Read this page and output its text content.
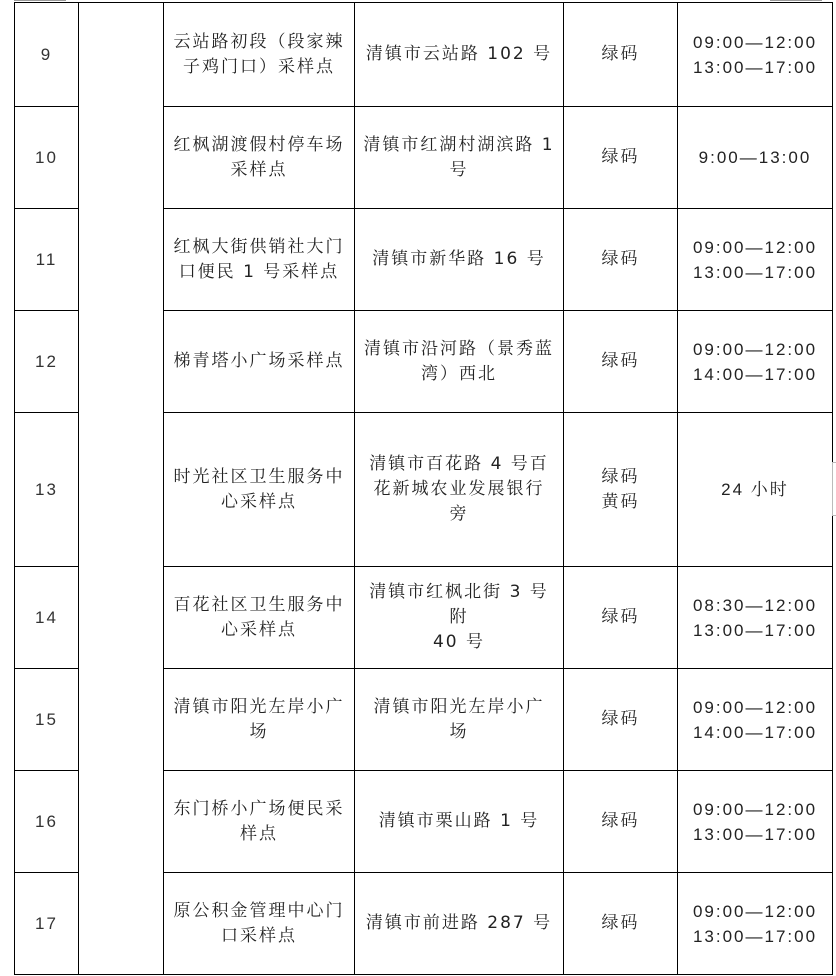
9		云站路初段（段家辣
子鸡门口）采样点	清镇市云站路 102 号	绿码	09:00—12:00
13:00—17:00

10		红枫湖渡假村停车场
采样点	清镇市红湖村湖滨路 1
号	绿码	9:00—13:00

11		红枫大街供销社大门
口便民 1 号采样点	清镇市新华路 16 号	绿码	09:00—12:00
13:00—17:00

12		梯青塔小广场采样点	清镇市沿河路（景秀蓝
湾）西北	绿码	09:00—12:00
14:00—17:00

13		时光社区卫生服务中
心采样点	清镇市百花路 4 号百
花新城农业发展银行
旁	绿码
黄码	24 小时

14		百花社区卫生服务中
心采样点	清镇市红枫北街 3 号附
40 号	绿码	08:30—12:00
13:00—17:00

15		清镇市阳光左岸小广
场	清镇市阳光左岸小广
场	绿码	09:00—12:00
14:00—17:00

16		东门桥小广场便民采
样点	清镇市栗山路 1 号	绿码	09:00—12:00
13:00—17:00

17		原公积金管理中心门
口采样点	清镇市前进路 287 号	绿码	09:00—12:00
13:00—17:00
